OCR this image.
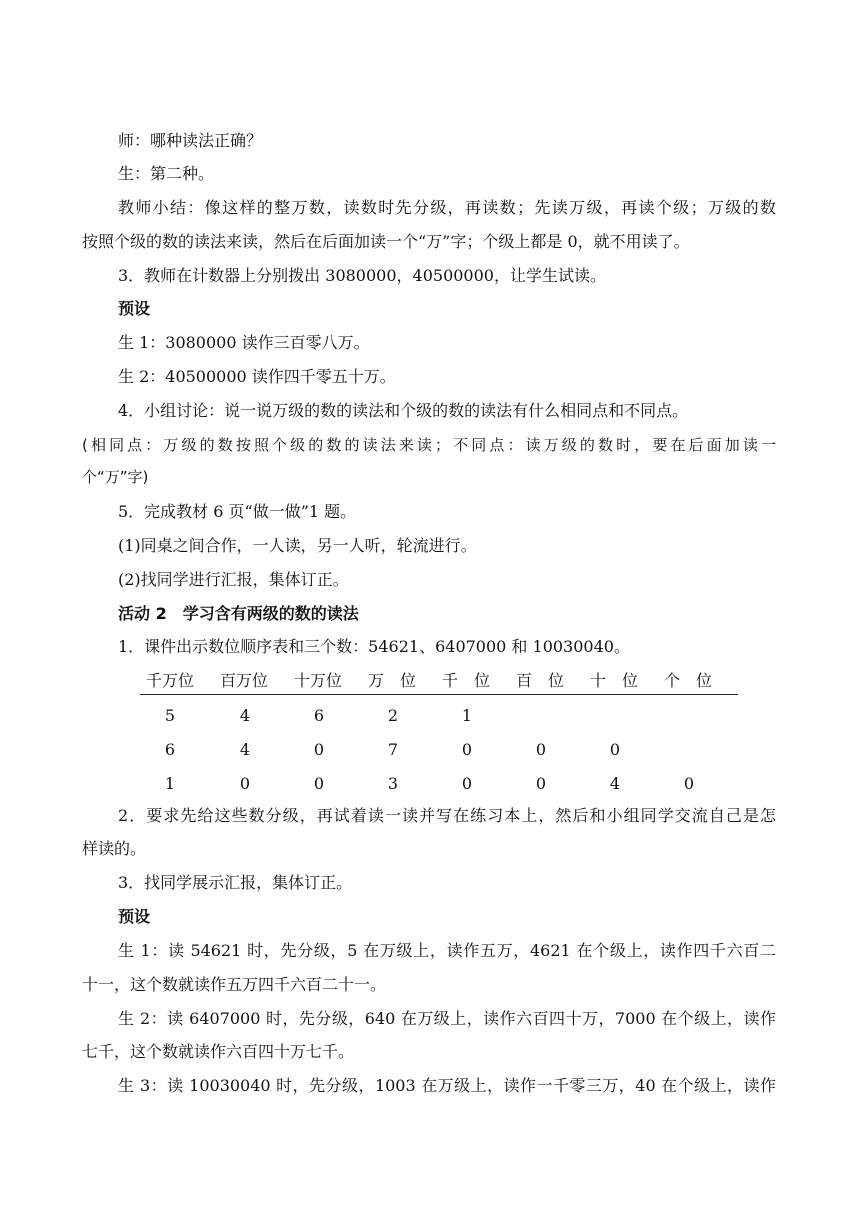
师：哪种读法正确？
生：第二种。
教师小结：像这样的整万数，读数时先分级，再读数；先读万级，再读个级；万级的数
按照个级的数的读法来读，然后在后面加读一个“万”字；个级上都是 0，就不用读了。
3．教师在计数器上分别拨出 3080000，40500000，让学生试读。
预设
生 1：3080000 读作三百零八万。
生 2：40500000 读作四千零五十万。
4．小组讨论：说一说万级的数的读法和个级的数的读法有什么相同点和不同点。
(相同点：万级的数按照个级的数的读法来读；不同点：读万级的数时，要在后面加读一
个“万”字)
5．完成教材 6 页“做一做”1 题。
(1)同桌之间合作，一人读，另一人听，轮流进行。
(2)找同学进行汇报，集体订正。
活动 2　学习含有两级的数的读法
1．课件出示数位顺序表和三个数：54621、6407000 和 10030040。
千万位 百万位 十万位 万　位 千　位 百　位 十　位 个　位
5	4	6	2	1
6	4	0	7	0	0	0
1	0	0	3	0	0	4	0
2．要求先给这些数分级，再试着读一读并写在练习本上，然后和小组同学交流自己是怎
样读的。
3．找同学展示汇报，集体订正。
预设
生 1：读 54621 时，先分级，5 在万级上，读作五万，4621 在个级上，读作四千六百二
十一，这个数就读作五万四千六百二十一。
生 2：读 6407000 时，先分级，640 在万级上，读作六百四十万，7000 在个级上，读作
七千，这个数就读作六百四十万七千。
生 3：读 10030040 时，先分级，1003 在万级上，读作一千零三万，40 在个级上，读作
